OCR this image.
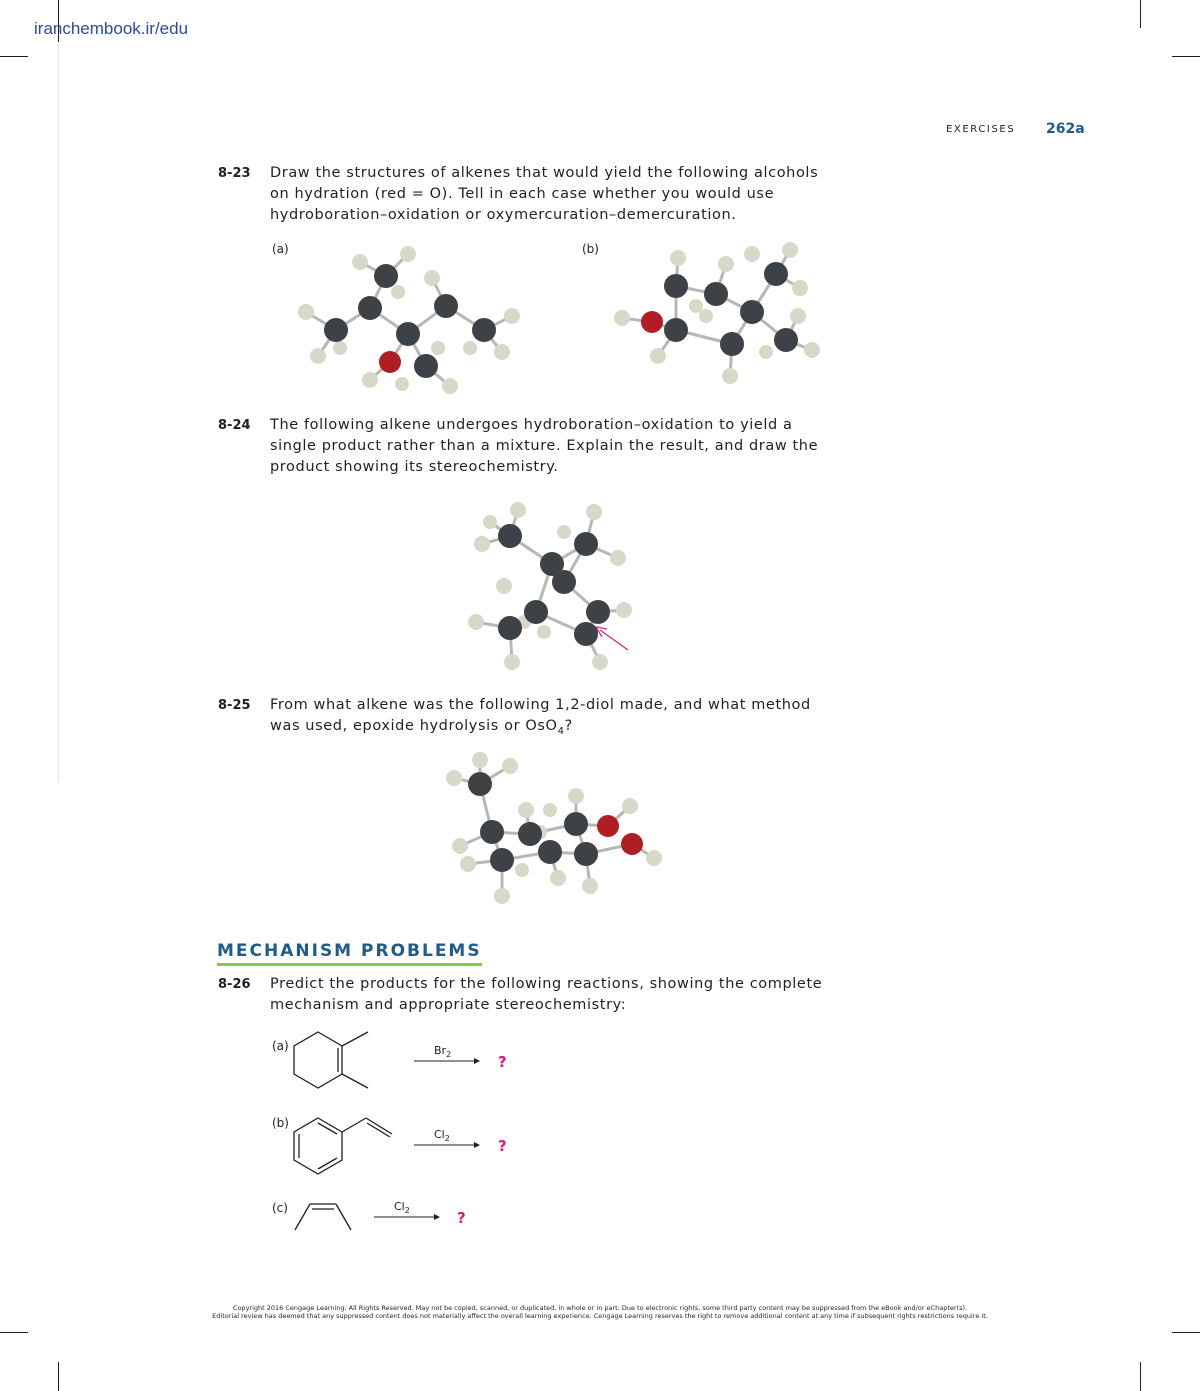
iranchembook.ir/edu
EXERCISES 262a
8-23 Draw the structures of alkenes that would yield the following alcohols
on hydration (red = O). Tell in each case whether you would use
hydroboration–oxidation or oxymercuration–demercuration.
(a)	(b)
8-24 The following alkene undergoes hydroboration–oxidation to yield a
single product rather than a mixture. Explain the result, and draw the
product showing its stereochemistry.
8-25 From what alkene was the following 1,2-diol made, and what method
was used, epoxide hydrolysis or OsO$_4$?
MECHANISM PROBLEMS
8-26 Predict the products for the following reactions, showing the complete
mechanism and appropriate stereochemistry:
(a)	$Br_2$	?
(b)
$Cl_2$	?
(c)	$Cl_2$	?
Copyright 2016 Cengage Learning. All Rights Reserved. May not be copied, scanned, or duplicated, in whole or in part. Due to electronic rights, some third party content may be suppressed from the eBook and/or eChapter(s).
Editorial review has deemed that any suppressed content does not materially affect the overall learning experience. Cengage Learning reserves the right to remove additional content at any time if subsequent rights restrictions require it.
